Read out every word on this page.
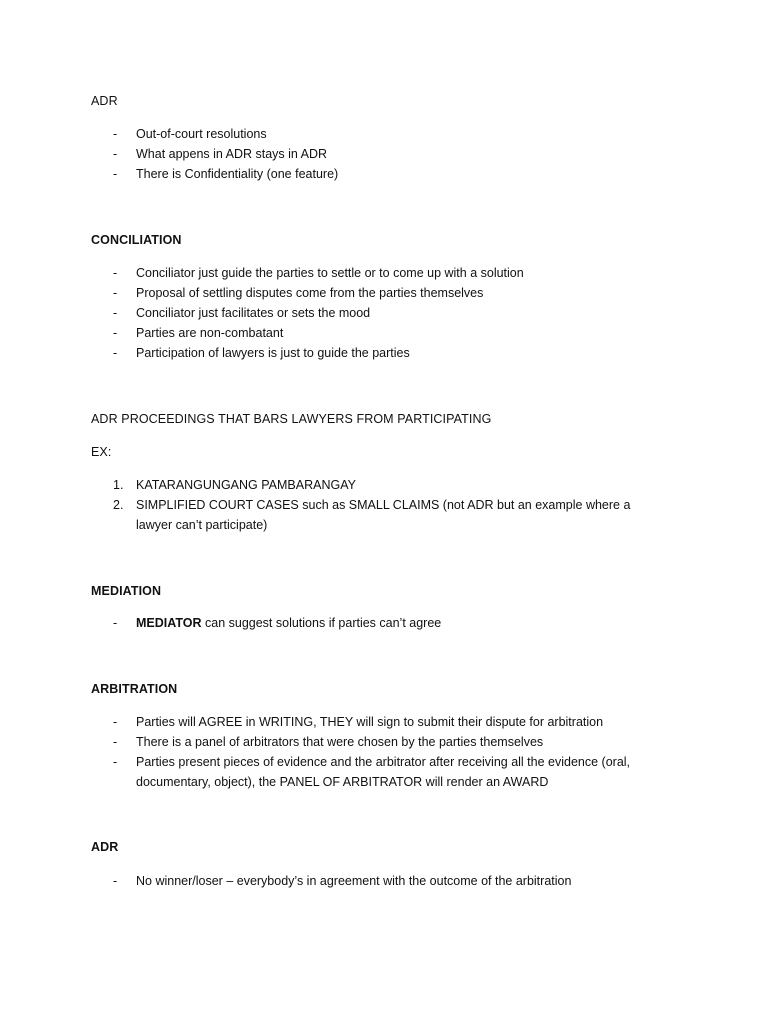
ADR
- Out-of-court resolutions
- What appens in ADR stays in ADR
- There is Confidentiality (one feature)
CONCILIATION
- Conciliator just guide the parties to settle or to come up with a solution
- Proposal of settling disputes come from the parties themselves
- Conciliator just facilitates or sets the mood
- Parties are non-combatant
- Participation of lawyers is just to guide the parties
ADR PROCEEDINGS THAT BARS LAWYERS FROM PARTICIPATING
EX:
1. KATARANGUNGANG PAMBARANGAY
2. SIMPLIFIED COURT CASES such as SMALL CLAIMS (not ADR but an example where a lawyer can’t participate)
MEDIATION
- MEDIATOR can suggest solutions if parties can’t agree
ARBITRATION
- Parties will AGREE in WRITING, THEY will sign to submit their dispute for arbitration
- There is a panel of arbitrators that were chosen by the parties themselves
- Parties present pieces of evidence and the arbitrator after receiving all the evidence (oral, documentary, object), the PANEL OF ARBITRATOR will render an AWARD
ADR
- No winner/loser – everybody’s in agreement with the outcome of the arbitration
